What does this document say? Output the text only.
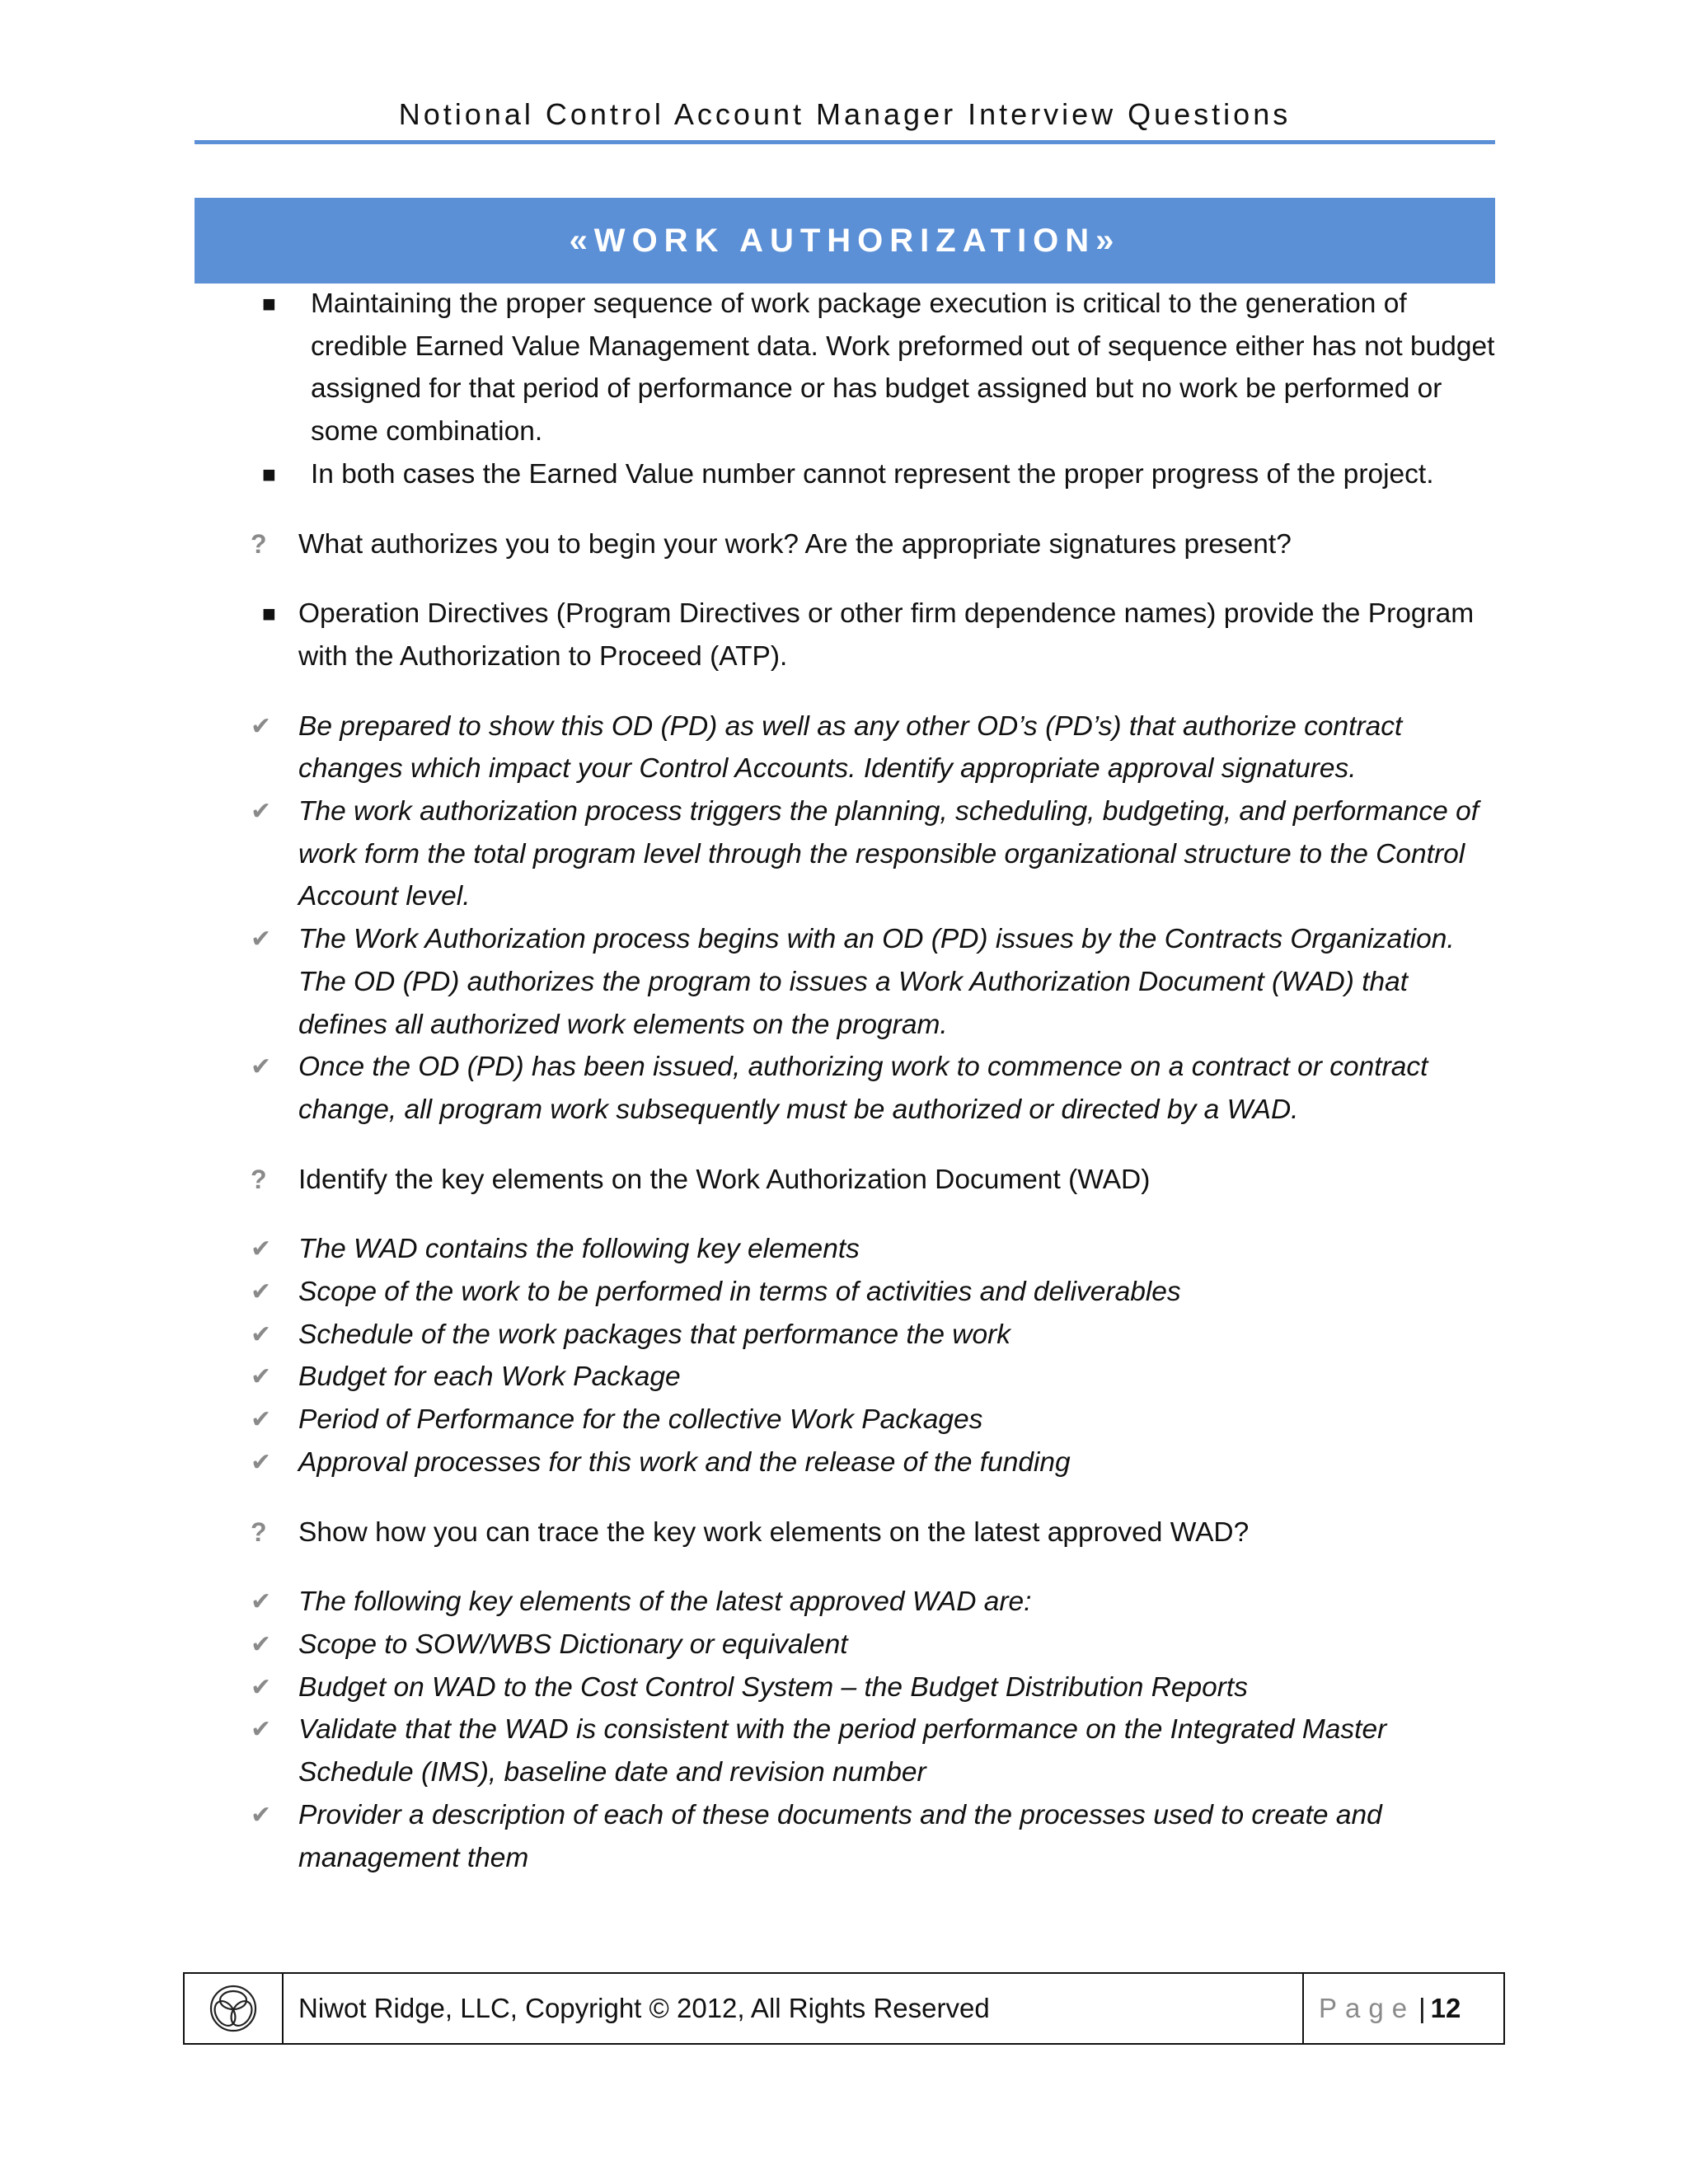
Notional Control Account Manager Interview Questions
«WORK AUTHORIZATION»
■ Maintaining the proper sequence of work package execution is critical to the generation of credible Earned Value Management data. Work preformed out of sequence either has not budget assigned for that period of performance or has budget assigned but no work be performed or some combination.
■ In both cases the Earned Value number cannot represent the proper progress of the project.
? What authorizes you to begin your work? Are the appropriate signatures present?
■ Operation Directives (Program Directives or other firm dependence names) provide the Program with the Authorization to Proceed (ATP).
✔ Be prepared to show this OD (PD) as well as any other OD’s (PD’s) that authorize contract changes which impact your Control Accounts. Identify appropriate approval signatures.
✔ The work authorization process triggers the planning, scheduling, budgeting, and performance of work form the total program level through the responsible organizational structure to the Control Account level.
✔ The Work Authorization process begins with an OD (PD) issues by the Contracts Organization. The OD (PD) authorizes the program to issues a Work Authorization Document (WAD) that defines all authorized work elements on the program.
✔ Once the OD (PD) has been issued, authorizing work to commence on a contract or contract change, all program work subsequently must be authorized or directed by a WAD.
? Identify the key elements on the Work Authorization Document (WAD)
✔ The WAD contains the following key elements
✔ Scope of the work to be performed in terms of activities and deliverables
✔ Schedule of the work packages that performance the work
✔ Budget for each Work Package
✔ Period of Performance for the collective Work Packages
✔ Approval processes for this work and the release of the funding
? Show how you can trace the key work elements on the latest approved WAD?
✔ The following key elements of the latest approved WAD are:
✔ Scope to SOW/WBS Dictionary or equivalent
✔ Budget on WAD to the Cost Control System – the Budget Distribution Reports
✔ Validate that the WAD is consistent with the period performance on the Integrated Master Schedule (IMS), baseline date and revision number
✔ Provider a description of each of these documents and the processes used to create and management them
Niwot Ridge, LLC, Copyright © 2012, All Rights Reserved	Page | 12
